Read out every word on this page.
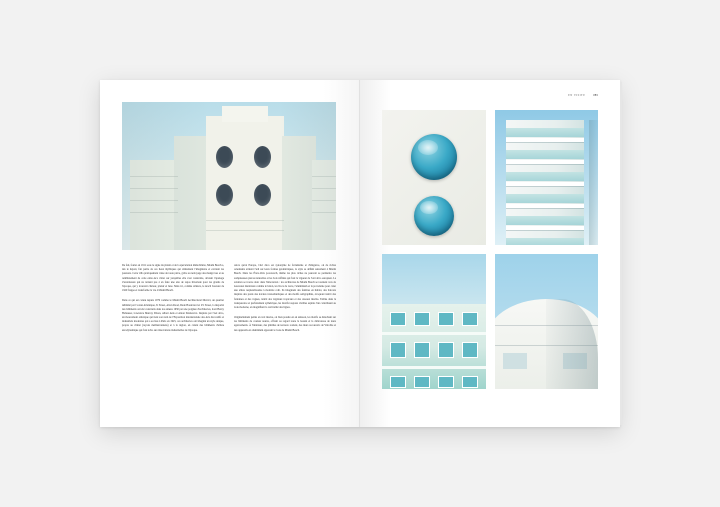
De fait, fouler en 1911 sous le signe du plaisir et de la spéculation immobilière, Miami Beach a, dès le départ, fait partie de ces lieux mythiques qui alimentent l'imaginaire et excitent les passions. Cette villa pratiquement créée de toute pièce, grâce au nettoyage des mangroves et au remblaiement de cette entre-lacs côtier sur jonquilles elle s'est construite, devient l'apanage d'aventureux qui ne tardent pas à en faire une aire de repos hivernale pour les grands de l'époque, qui y trouvent chaleur, plaisir et luxe. Mais ici, comme ailleurs, le krach boursier de 1929 frappe et transforme la vie à Miami Beach.

Dans ce qui est connu depuis 1979 comme le Miami Beach Architectural District, un quartier délimité par l'océan Atlantique, 6ᵉ Street, Alton Road, Dade Boulevard et 23ᵉ Street, la majorité des bâtiments ont été construits dans les années 1930 par une poignée d'architectes, dont Henry Hohauser, Lawrence Murray Dixon, Albert Anis et Anton Skislewicz. Inspirés par l'Art déco, un mouvement artistique qui tient son nom de l'Exposition internationale des Arts décoratifs et industriels modernes qui a eu lieu à Paris en 1925, ces architectes ont imaginé un style unique, propre au climat (rayons méditerranéens) et à la région, en créant des bâtiments d'allure aérodynamique qui font écho aux innovations industrielles de l'époque.

Alors qu'en Europe, l'Art déco est synonyme de fortunisme et d'élégance, où de riches ornements attirent l'œil sur leurs formes géométriques, le style se définit autrement à Miami Beach. Dans les États-Unis post-krach, même les plus riches ne peuvent se permettre les somptueuses pièces naturelles et les bois raffinés qui font la vigueur de l'Art déco européen. La solution se trouve donc dans l'innovation : les architectes de Miami Beach se tournent vers de nouveaux matériaux comme le béton, les blocs de verre, l'aluminium et la porcelaine pour créer une allure resplendissante à moindre coût. Ils imaginent des fenêtres en hublot, des balcons inspirés des ponts des navires transatlantiques et des motifs sérigraphiés, évoquant tantôt des fontaines et des vagues, tantôt des végétaux tropicaux et des oiseaux marins. Taillée dans la transparence et parfaitement symétrique, les motifs toujours visibles aspirés l'un contribuant au look moderne, en magnifiant la verticalité des lignes.

Originellement peints en vert mauve, on bien poudre en en unisson, les motifs se détachent sur les bâtiments de couleur neutre, offrant au regard toute la beauté et la délicatesse de leurs agencements. À l'intérieur, des plinthes de terrazzo roulent, des murs recouverts de Vitrolite et des appareils en aluminium apparent le look de Miami Beach.

EN VISITE	085
